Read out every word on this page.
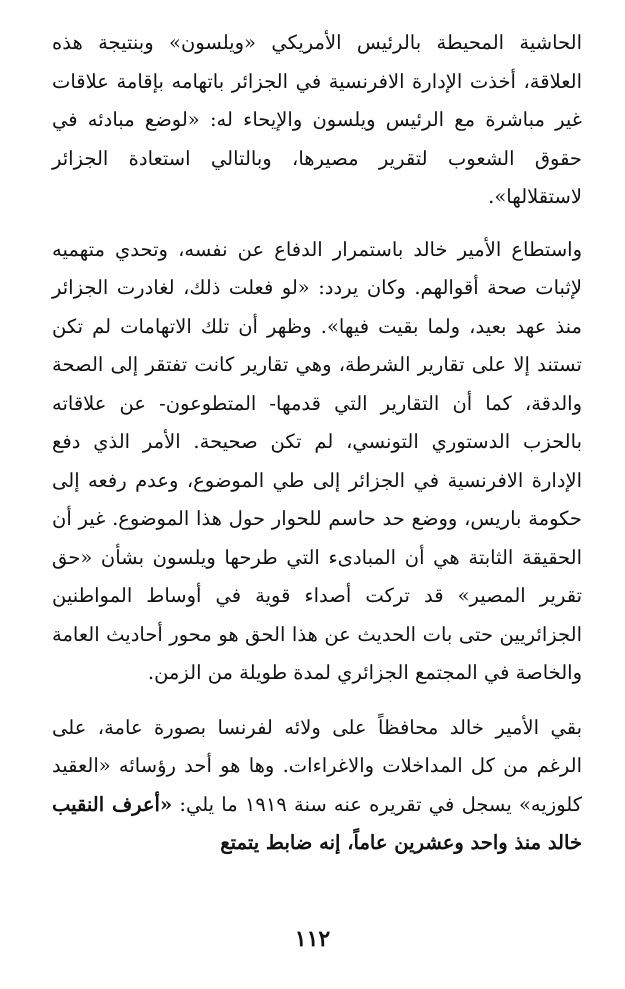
الحاشية المحيطة بالرئيس الأمريكي «ويلسون» وبنتيجة هذه العلاقة، أخذت الإدارة الافرنسية في الجزائر باتهامه بإقامة علاقات غير مباشرة مع الرئيس ويلسون والإيحاء له: «لوضع مبادئه في حقوق الشعوب لتقرير مصيرها، وبالتالي استعادة الجزائر لاستقلالها».

واستطاع الأمير خالد باستمرار الدفاع عن نفسه، وتحدي متهميه لإثبات صحة أقوالهم. وكان يردد: «لو فعلت ذلك، لغادرت الجزائر منذ عهد بعيد، ولما بقيت فيها». وظهر أن تلك الاتهامات لم تكن تستند إلا على تقارير الشرطة، وهي تقارير كانت تفتقر إلى الصحة والدقة، كما أن التقارير التي قدمها- المتطوعون- عن علاقاته بالحزب الدستوري التونسي، لم تكن صحيحة. الأمر الذي دفع الإدارة الافرنسية في الجزائر إلى طي الموضوع، وعدم رفعه إلى حكومة باريس، ووضع حد حاسم للحوار حول هذا الموضوع. غير أن الحقيقة الثابتة هي أن المبادىء التي طرحها ويلسون بشأن «حق تقرير المصير» قد تركت أصداء قوية في أوساط المواطنين الجزائريين حتى بات الحديث عن هذا الحق هو محور أحاديث العامة والخاصة في المجتمع الجزائري لمدة طويلة من الزمن.

بقي الأمير خالد محافظاً على ولائه لفرنسا بصورة عامة، على الرغم من كل المداخلات والاغراءات. وها هو أحد رؤسائه «العقيد كلوزيه» يسجل في تقريره عنه سنة ١٩١٩ ما يلي: «أعرف النقيب خالد منذ واحد وعشرين عاماً، إنه ضابط يتمتع

١١٢
